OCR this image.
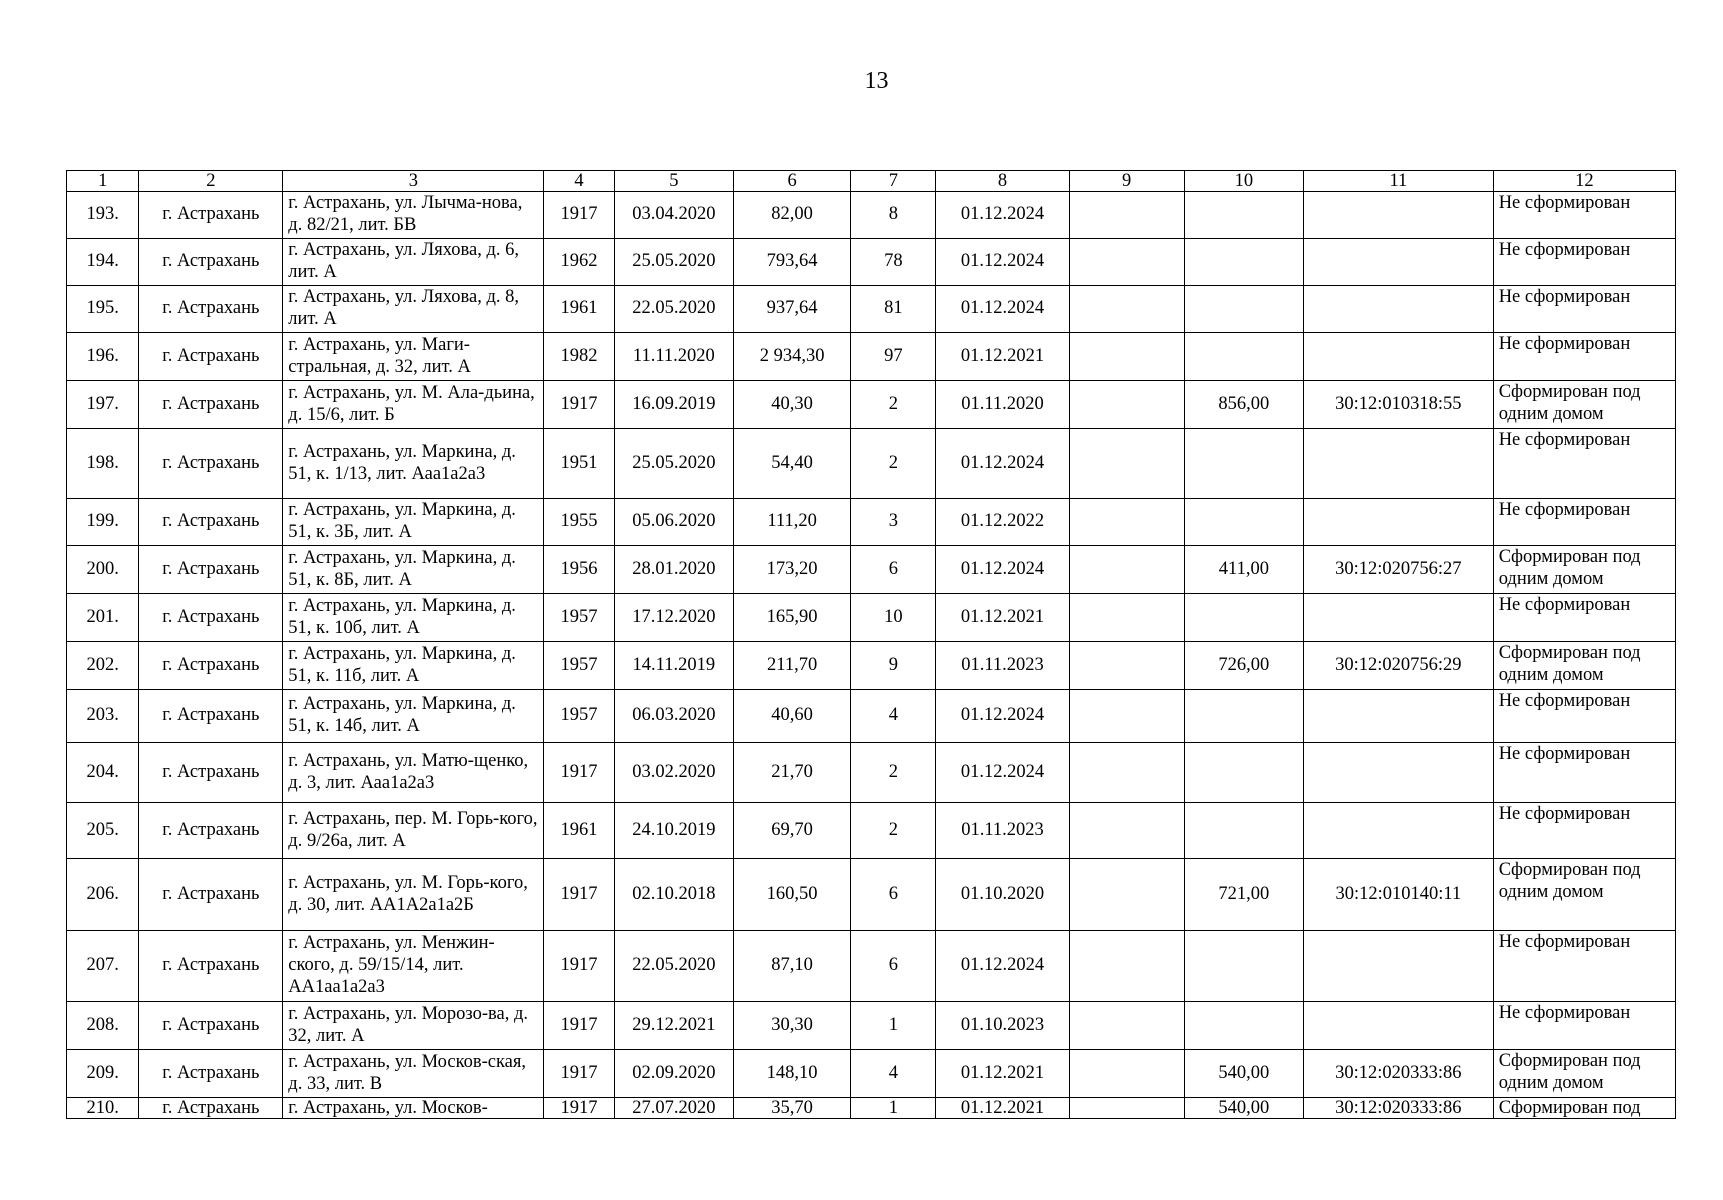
13
1	2	3	4	5	6	7	8	9	10	11	12
193.	г. Астрахань	г. Астрахань, ул. Лычма-нова, д. 82/21, лит. БВ	1917	03.04.2020	82,00	8	01.12.2024				Не сформирован
194.	г. Астрахань	г. Астрахань, ул. Ляхова, д. 6, лит. А	1962	25.05.2020	793,64	78	01.12.2024				Не сформирован
195.	г. Астрахань	г. Астрахань, ул. Ляхова, д. 8, лит. А	1961	22.05.2020	937,64	81	01.12.2024				Не сформирован
196.	г. Астрахань	г. Астрахань, ул. Маги-стральная, д. 32, лит. А	1982	11.11.2020	2 934,30	97	01.12.2021				Не сформирован
197.	г. Астрахань	г. Астрахань, ул. М. Ала-дьина, д. 15/6, лит. Б	1917	16.09.2019	40,30	2	01.11.2020		856,00	30:12:010318:55	Сформирован под одним домом
198.	г. Астрахань	г. Астрахань, ул. Маркина, д. 51, к. 1/13, лит. Ааа1а2а3	1951	25.05.2020	54,40	2	01.12.2024				Не сформирован
199.	г. Астрахань	г. Астрахань, ул. Маркина, д. 51, к. 3Б, лит. А	1955	05.06.2020	111,20	3	01.12.2022				Не сформирован
200.	г. Астрахань	г. Астрахань, ул. Маркина, д. 51, к. 8Б, лит. А	1956	28.01.2020	173,20	6	01.12.2024		411,00	30:12:020756:27	Сформирован под одним домом
201.	г. Астрахань	г. Астрахань, ул. Маркина, д. 51, к. 10б, лит. А	1957	17.12.2020	165,90	10	01.12.2021				Не сформирован
202.	г. Астрахань	г. Астрахань, ул. Маркина, д. 51, к. 11б, лит. А	1957	14.11.2019	211,70	9	01.11.2023		726,00	30:12:020756:29	Сформирован под одним домом
203.	г. Астрахань	г. Астрахань, ул. Маркина, д. 51, к. 14б, лит. А	1957	06.03.2020	40,60	4	01.12.2024				Не сформирован
204.	г. Астрахань	г. Астрахань, ул. Матю-щенко, д. 3, лит. Ааа1а2а3	1917	03.02.2020	21,70	2	01.12.2024				Не сформирован
205.	г. Астрахань	г. Астрахань, пер. М. Горь-кого, д. 9/26а, лит. А	1961	24.10.2019	69,70	2	01.11.2023				Не сформирован
206.	г. Астрахань	г. Астрахань, ул. М. Горь-кого, д. 30, лит. АА1А2а1а2Б	1917	02.10.2018	160,50	6	01.10.2020		721,00	30:12:010140:11	Сформирован под одним домом
207.	г. Астрахань	г. Астрахань, ул. Менжин-ского, д. 59/15/14, лит. АА1аа1а2а3	1917	22.05.2020	87,10	6	01.12.2024				Не сформирован
208.	г. Астрахань	г. Астрахань, ул. Морозо-ва, д. 32, лит. А	1917	29.12.2021	30,30	1	01.10.2023				Не сформирован
209.	г. Астрахань	г. Астрахань, ул. Москов-ская, д. 33, лит. В	1917	02.09.2020	148,10	4	01.12.2021		540,00	30:12:020333:86	Сформирован под одним домом
210.	г. Астрахань	г. Астрахань, ул. Москов-	1917	27.07.2020	35,70	1	01.12.2021		540,00	30:12:020333:86	Сформирован под
